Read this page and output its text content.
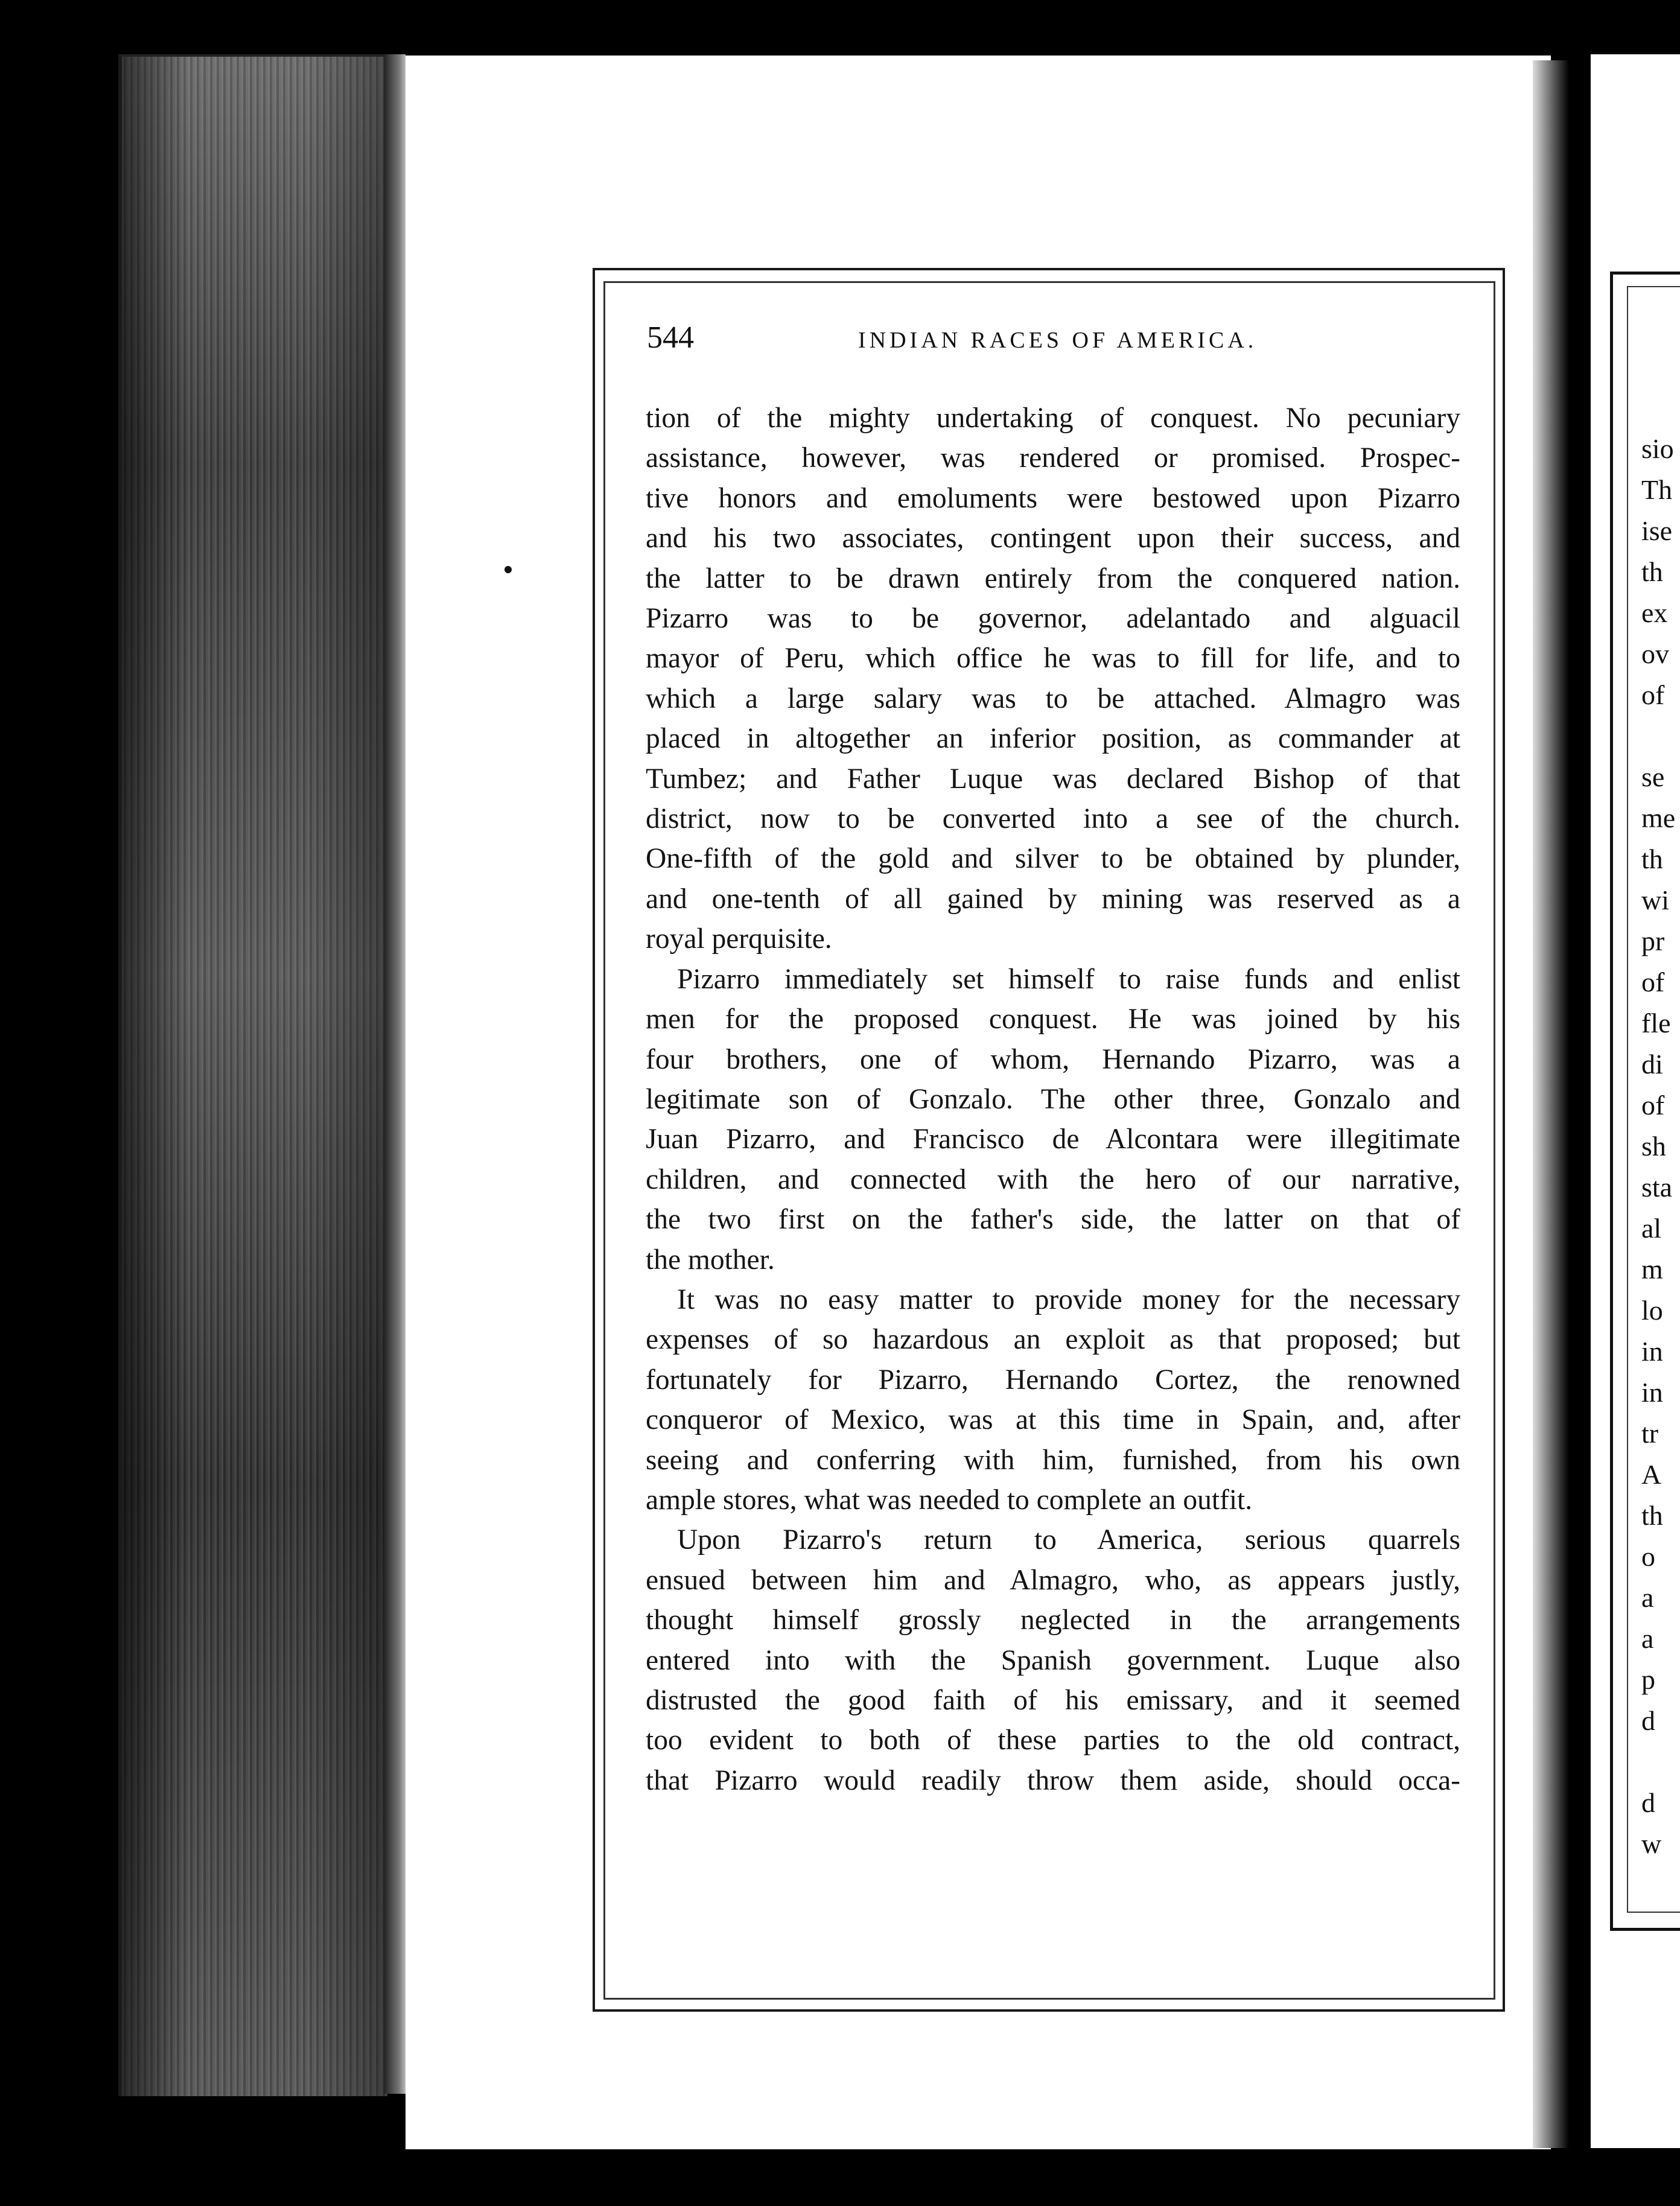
sio
Th
ise
th
ex
ov
of

se
me
th
wi
pr
of
fle
di
of
sh
sta
al
m
lo
in
in
tr
A
th
o
a
a
p
d

d
w
544	INDIAN RACES OF AMERICA.
tion of the mighty undertaking of conquest. No pecuniary
assistance, however, was rendered or promised. Prospec-
tive honors and emoluments were bestowed upon Pizarro
and his two associates, contingent upon their success, and
the latter to be drawn entirely from the conquered nation.
Pizarro was to be governor, adelantado and alguacil
mayor of Peru, which office he was to fill for life, and to
which a large salary was to be attached. Almagro was
placed in altogether an inferior position, as commander at
Tumbez; and Father Luque was declared Bishop of that
district, now to be converted into a see of the church.
One-fifth of the gold and silver to be obtained by plunder,
and one-tenth of all gained by mining was reserved as a
royal perquisite.
Pizarro immediately set himself to raise funds and enlist
men for the proposed conquest. He was joined by his
four brothers, one of whom, Hernando Pizarro, was a
legitimate son of Gonzalo. The other three, Gonzalo and
Juan Pizarro, and Francisco de Alcontara were illegitimate
children, and connected with the hero of our narrative,
the two first on the father's side, the latter on that of
the mother.
It was no easy matter to provide money for the necessary
expenses of so hazardous an exploit as that proposed; but
fortunately for Pizarro, Hernando Cortez, the renowned
conqueror of Mexico, was at this time in Spain, and, after
seeing and conferring with him, furnished, from his own
ample stores, what was needed to complete an outfit.
Upon Pizarro's return to America, serious quarrels
ensued between him and Almagro, who, as appears justly,
thought himself grossly neglected in the arrangements
entered into with the Spanish government. Luque also
distrusted the good faith of his emissary, and it seemed
too evident to both of these parties to the old contract,
that Pizarro would readily throw them aside, should occa-
